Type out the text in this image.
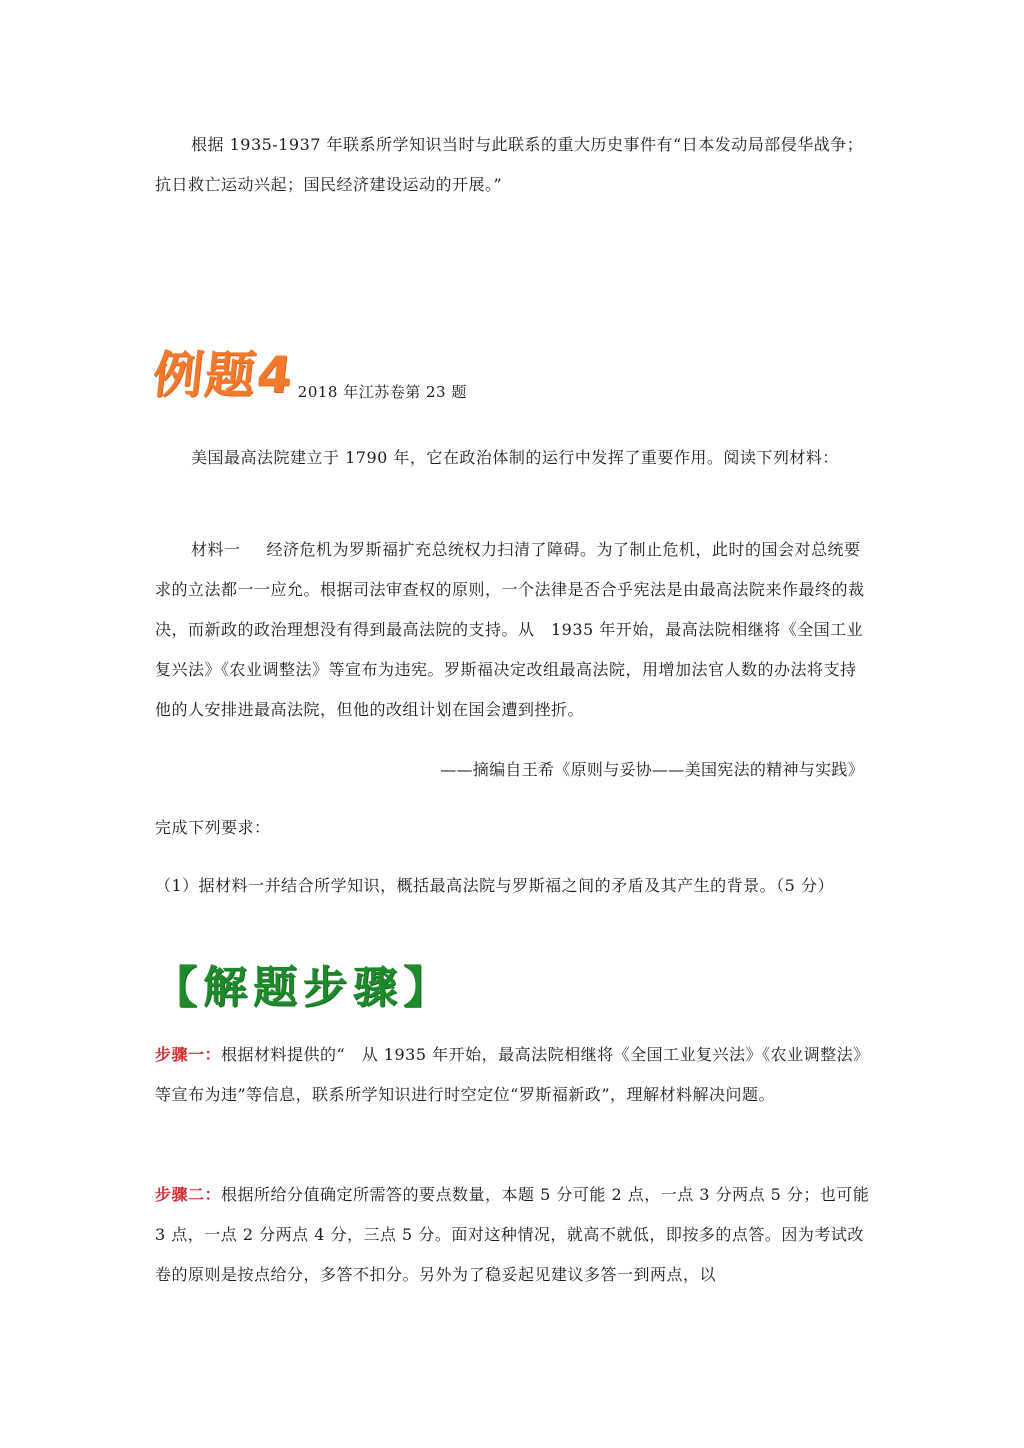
根据 1935-1937 年联系所学知识当时与此联系的重大历史事件有“日本发动局部侵华战争；抗日救亡运动兴起；国民经济建设运动的开展。”

例题4 2018 年江苏卷第 23 题

美国最高法院建立于 1790 年，它在政治体制的运行中发挥了重要作用。阅读下列材料：

材料一 经济危机为罗斯福扩充总统权力扫清了障碍。为了制止危机，此时的国会对总统要求的立法都一一应允。根据司法审查权的原则，一个法律是否合乎宪法是由最高法院来作最终的裁决，而新政的政治理想没有得到最高法院的支持。从　1935 年开始，最高法院相继将《全国工业复兴法》《农业调整法》等宣布为违宪。罗斯福决定改组最高法院，用增加法官人数的办法将支持他的人安排进最高法院，但他的改组计划在国会遭到挫折。

——摘编自王希《原则与妥协——美国宪法的精神与实践》

完成下列要求：

（1）据材料一并结合所学知识，概括最高法院与罗斯福之间的矛盾及其产生的背景。（5 分）

【解题步骤】

步骤一：根据材料提供的“　从 1935 年开始，最高法院相继将《全国工业复兴法》《农业调整法》等宣布为违”等信息，联系所学知识进行时空定位“罗斯福新政”，理解材料解决问题。

步骤二：根据所给分值确定所需答的要点数量，本题 5 分可能 2 点，一点 3 分两点 5 分；也可能 3 点，一点 2 分两点 4 分，三点 5 分。面对这种情况，就高不就低，即按多的点答。因为考试改卷的原则是按点给分，多答不扣分。另外为了稳妥起见建议多答一到两点，以
